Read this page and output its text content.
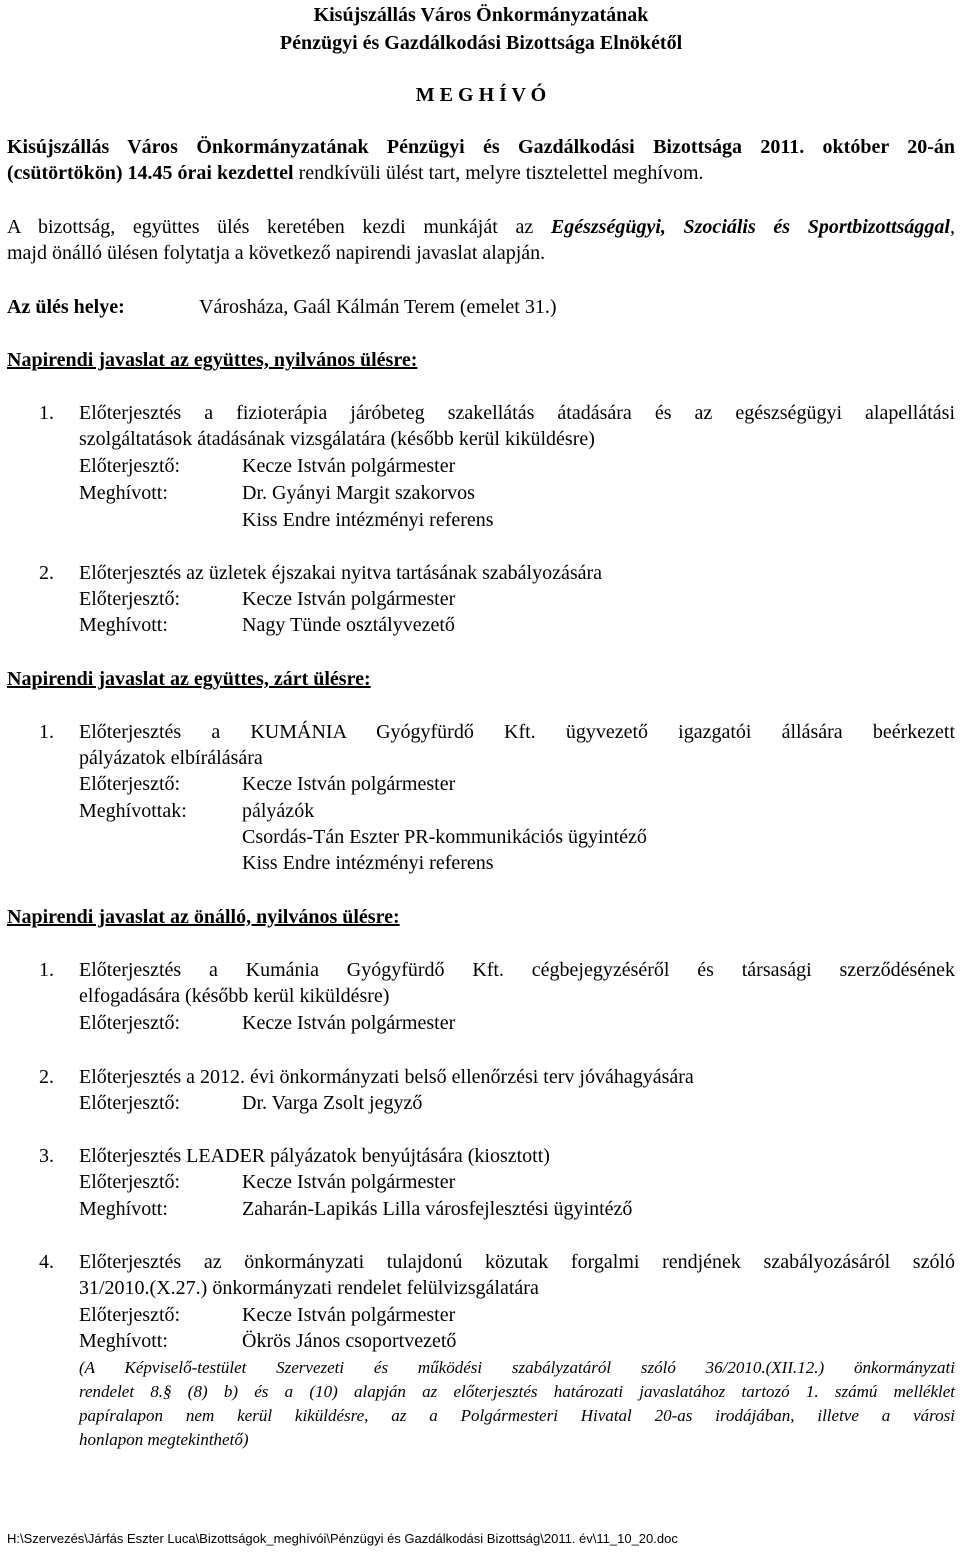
Kisújszállás Város Önkormányzatának
Pénzügyi és Gazdálkodási Bizottsága Elnökétől
M E G H Í V Ó
Kisújszállás Város Önkormányzatának Pénzügyi és Gazdálkodási Bizottsága 2011. október 20-án
(csütörtökön) 14.45 órai kezdettel rendkívüli ülést tart, melyre tisztelettel meghívom.
A bizottság, együttes ülés keretében kezdi munkáját az Egészségügyi, Szociális és Sportbizottsággal,
majd önálló ülésen folytatja a következő napirendi javaslat alapján.
Az ülés helye:	Városháza, Gaál Kálmán Terem (emelet 31.)
Napirendi javaslat az együttes, nyilvános ülésre:
1. Előterjesztés a fizioterápia járóbeteg szakellátás átadására és az egészségügyi alapellátási
szolgáltatások átadásának vizsgálatára (később kerül kiküldésre)
Előterjesztő:	Kecze István polgármester
Meghívott:	Dr. Gyányi Margit szakorvos
Kiss Endre intézményi referens
2. Előterjesztés az üzletek éjszakai nyitva tartásának szabályozására
Előterjesztő:	Kecze István polgármester
Meghívott:	Nagy Tünde osztályvezető
Napirendi javaslat az együttes, zárt ülésre:
1. Előterjesztés a KUMÁNIA Gyógyfürdő Kft. ügyvezető igazgatói állására beérkezett
pályázatok elbírálására
Előterjesztő:	Kecze István polgármester
Meghívottak:	pályázók
Csordás-Tán Eszter PR-kommunikációs ügyintéző
Kiss Endre intézményi referens
Napirendi javaslat az önálló, nyilvános ülésre:
1. Előterjesztés a Kumánia Gyógyfürdő Kft. cégbejegyzéséről és társasági szerződésének
elfogadására (később kerül kiküldésre)
Előterjesztő:	Kecze István polgármester
2. Előterjesztés a 2012. évi önkormányzati belső ellenőrzési terv jóváhagyására
Előterjesztő:	Dr. Varga Zsolt jegyző
3. Előterjesztés LEADER pályázatok benyújtására (kiosztott)
Előterjesztő:	Kecze István polgármester
Meghívott:	Zaharán-Lapikás Lilla városfejlesztési ügyintéző
4. Előterjesztés az önkormányzati tulajdonú közutak forgalmi rendjének szabályozásáról szóló
31/2010.(X.27.) önkormányzati rendelet felülvizsgálatára
Előterjesztő:	Kecze István polgármester
Meghívott:	Ökrös János csoportvezető
(A Képviselő-testület Szervezeti és működési szabályzatáról szóló 36/2010.(XII.12.) önkormányzati
rendelet 8.§ (8) b) és a (10) alapján az előterjesztés határozati javaslatához tartozó 1. számú melléklet
papíralapon nem kerül kiküldésre, az a Polgármesteri Hivatal 20-as irodájában, illetve a városi
honlapon megtekinthető)
H:\Szervezés\Járfás Eszter Luca\Bizottságok_meghívói\Pénzügyi és Gazdálkodási Bizottság\2011. év\11_10_20.doc
